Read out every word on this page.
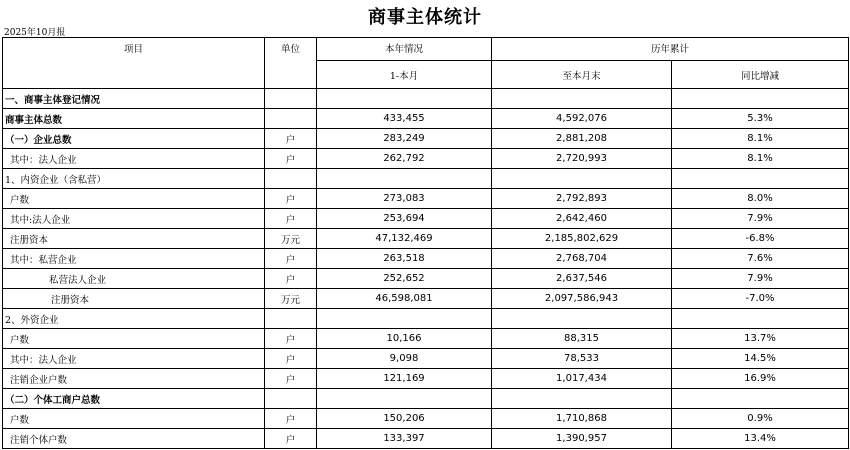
商事主体统计
2025年10月报
项目	单位	本年情况	历年累计	
		1-本月	至本月末	同比增减
一、商事主体登记情况				
商事主体总数		433,455	4,592,076	5.3%
（一）企业总数	户	283,249	2,881,208	8.1%
其中：法人企业	户	262,792	2,720,993	8.1%
1、内资企业（含私营）				
户数	户	273,083	2,792,893	8.0%
其中:法人企业	户	253,694	2,642,460	7.9%
注册资本	万元	47,132,469	2,185,802,629	-6.8%
其中：私营企业	户	263,518	2,768,704	7.6%
私营法人企业	户	252,652	2,637,546	7.9%
注册资本	万元	46,598,081	2,097,586,943	-7.0%
2、外资企业				
户数	户	10,166	88,315	13.7%
其中：法人企业	户	9,098	78,533	14.5%
注销企业户数	户	121,169	1,017,434	16.9%
（二）个体工商户总数				
户数	户	150,206	1,710,868	0.9%
注销个体户数	户	133,397	1,390,957	13.4%
